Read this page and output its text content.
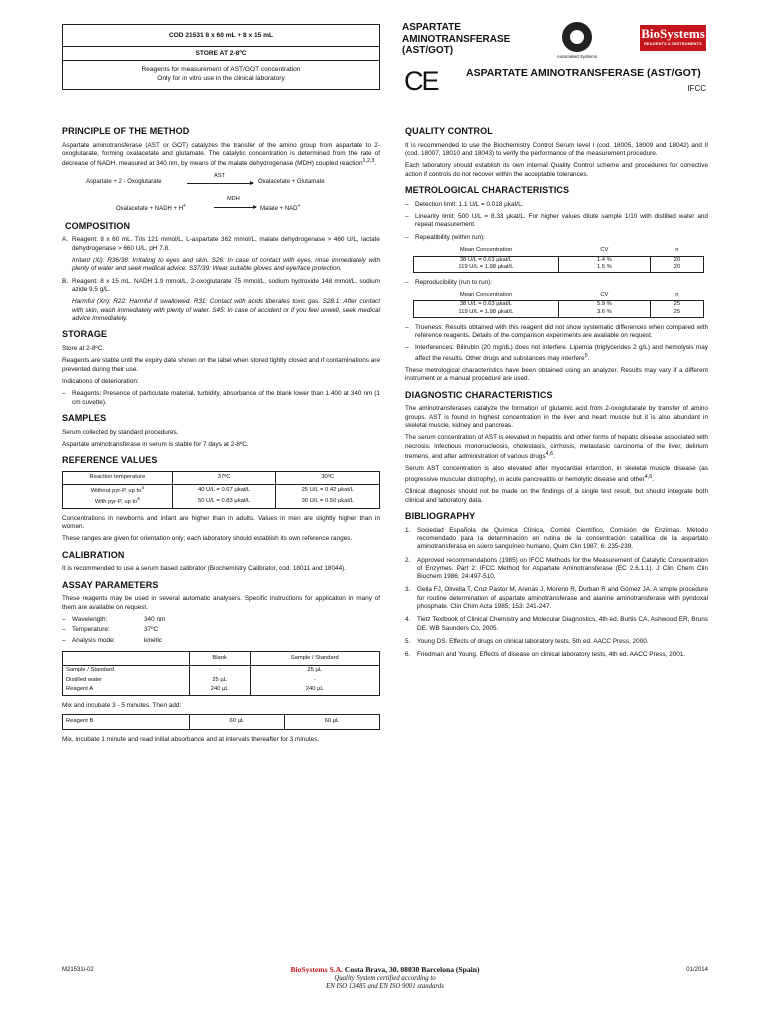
COD 21531 8 x 60 mL + 8 x 15 mL
STORE AT 2-8ºC
Reagents for measurement of AST/GOT concentration
Only for in vitro use in the clinical laboratory
ASPARTATE
AMINOTRANSFERASE
(AST/GOT)
Automated Systems
BioSystems
REAGENTS & INSTRUMENTS
CE	ASPARTATE AMINOTRANSFERASE (AST/GOT)
IFCC
PRINCIPLE OF THE METHOD

Aspartate aminotransferase (AST or GOT) catalyzes the transfer of the amino group from aspartate to 2-oxoglutarate, forming oxalacetate and glutamate. The catalytic concentration is determined from the rate of decrease of NADH, measured at 340 nm, by means of the malate dehydrogenase (MDH) coupled reaction$^{1,2,3}$.

Aspartate + 2 - Oxoglutarate
AST
Oxalacetate + Glutamate
Oxalacetate + NADH + H+
MDH
Malate + NAD+
COMPOSITION
A. Reagent: 8 x 60 mL. Tris 121 mmol/L, L-aspartate 362 mmol/L, malate dehydrogenase > 460 U/L, lactate dehydrogenase > 660 U/L, pH 7.8.
Irritant (Xi): R36/38: Irritating to eyes and skin. S26: In case of contact with eyes, rinse immediately with plenty of water and seek medical advice. S37/39: Wear suitable gloves and eye/face protection.
B. Reagent: 8 x 15 mL. NADH 1.9 mmol/L, 2-oxoglutarate 75 mmol/L, sodium hydroxide 148 mmol/L, sodium azide 9.5 g/L.
Harmful (Xn): R22: Harmful if swallowed. R31: Contact with acids liberates toxic gas. S28.1: After contact with skin, wash immediately with plenty of water. S45: In case of accident or if you feel unwell, seek medical advice immediately.
STORAGE

Store at 2-8ºC.

Reagents are stable until the expiry date shown on the label when stored tightly closed and if contaminations are prevented during their use.

Indications of deterioration:

– Reagents: Presence of particulate material, turbidity, absorbance of the blank lower than 1.400 at 340 nm (1 cm cuvette).
SAMPLES

Serum collected by standard procedures.

Aspartate aminotransferase in serum is stable for 7 days at 2-8ºC.

REFERENCE VALUES
Reaction temperature	37ºC	30ºC
Without pyr-P, up $to^4$	40 U/L = 0.67 µkat/L	25 U/L = 0.42 µkat/L
With pyr-P, up $to^5$	50 U/L = 0.83 µkat/L	30 U/L = 0.50 µkat/L

Concentrations in newborns and infant are higher than in adults. Values in men are slightly higher than in women.

These ranges are given for orientation only; each laboratory should establish its own reference ranges.

CALIBRATION

It is recommended to use a serum based calibrator (Biochemistry Calibrator, cod. 18011 and 18044).

ASSAY PARAMETERS

These reagents may be used in several automatic analysers. Specific instructions for application in many of them are available on request.

– Wavelength:	340 nm
– Temperature:	37ºC
– Analysis mode:	kinetic
	Blank	Sample / Standard
Sample / Standard	-	25 µL
Distilled water	25 µL	-
Reagent A	240 µL	240 µL

Mix and incubate 3 - 5 minutes. Then add:

Reagent B	60 µL	60 µL

Mix, incubate 1 minute and read initial absorbance and at intervals thereafter for 3 minutes.

QUALITY CONTROL

It is recommended to use the Biochemistry Control Serum level I (cod. 18005, 18009 and 18042) and II (cod. 18007, 18010 and 18043) to verify the performance of the measurement procedure.

Each laboratory should establish its own internal Quality Control scheme and procedures for corrective action if controls do not recover within the acceptable tolerances.

METROLOGICAL CHARACTERISTICS
– Detection limit: 1.1 U/L = 0.018 µkat/L.
– Linearity limit: 500 U/L = 8.33 µkat/L. For higher values dilute sample 1/10 with distilled water and repeat measurement.
– Repeatibility (within run):
Mean Concentration	CV	n
38 U/L = 0.63 µkat/L	1.4 %	20
119 U/L = 1.98 µkat/L	1.5 %	20
– Reproducibility (run to run):
Mean Concentration	CV	n
38 U/L = 0.63 µkat/L	5.9 %	25
119 U/L = 1.98 µkat/L	3.6 %	25
– Trueness: Results obtained with this reagent did not show systematic differences when compared with reference reagents. Details of the comparison experiments are available on request.
– Interferences: Bilirubin (20 mg/dL) does not interfere. Lipemia (triglycerides 2 g/L) and hemolysis may affect the results. Other drugs and substances may interfere$^5$.

These metrological characteristics have been obtained using an analyzer. Results may vary if a different instrument or a manual procedure are used.

DIAGNOSTIC CHARACTERISTICS

The aminotransferases catalyze the formation of glutamic acid from 2-oxoglutarate by transfer of amino groups. AST is found in highest concentration in the liver and heart muscle but it is also abundant in skeletal muscle, kidney and pancreas.

The serum concentration of AST is elevated in hepatitis and other forms of hepatic disease associated with necrosis: infectious mononucleosis, cholestasis, cirrhosis, metastasic carcinoma of the liver, delirium tremens, and after administration of various drugs$^{4,6}$.

Serum AST concentration is also elevated after myocardial infarction, in skeletal muscle disease (as progressive muscular distrophy), in acute pancreatitis or hemolytic disease and other$^{4,6}$.

Clinical diagnosis should not be made on the findings of a single test result, but should integrate both clinical and laboratory data.

BIBLIOGRAPHY
1. Sociedad Española de Química Clínica, Comité Científico, Comisión de Enzimas. Método recomendado para la determinación en rutina de la concentración catalítica de la aspartato aminotransferasa en suero sanguíneo humano. Quim Clin 1987; 6: 235-239.
2. Approved recommendations (1985) on IFCC Methods for the Measurement of Catalytic Concentration of Enzymes. Part 2: IFCC Method for Aspartate Aminotransferase (EC 2.6.1.1). J Clin Chem Clin Biochem 1986; 24:497-510.
3. Gella FJ, Olivella T, Cruz Pastor M, Arenas J, Moreno R, Durban R and Gómez JA. A simple procedure for routine determination of aspartate aminotransferase and alanine aminotransferase with pyridoxal phosphate. Clin Chim Acta 1985; 153: 241-247.
4. Tietz Textbook of Clinical Chemistry and Molecular Diagnostics, 4th ed. Burtis CA, Ashwood ER, Bruns DE. WB Saunders Co, 2005.
5. Young DS. Effects of drugs on clinical laboratory tests, 5th ed. AACC Press, 2000.
6. Friedman and Young. Effects of disease on clinical laboratory tests, 4th ed. AACC Press, 2001.
M21531i-02	BioSystems S.A. Costa Brava, 30. 08030 Barcelona (Spain)
Quality System certified according to
EN ISO 13485 and EN ISO 9001 standards
01/2014
